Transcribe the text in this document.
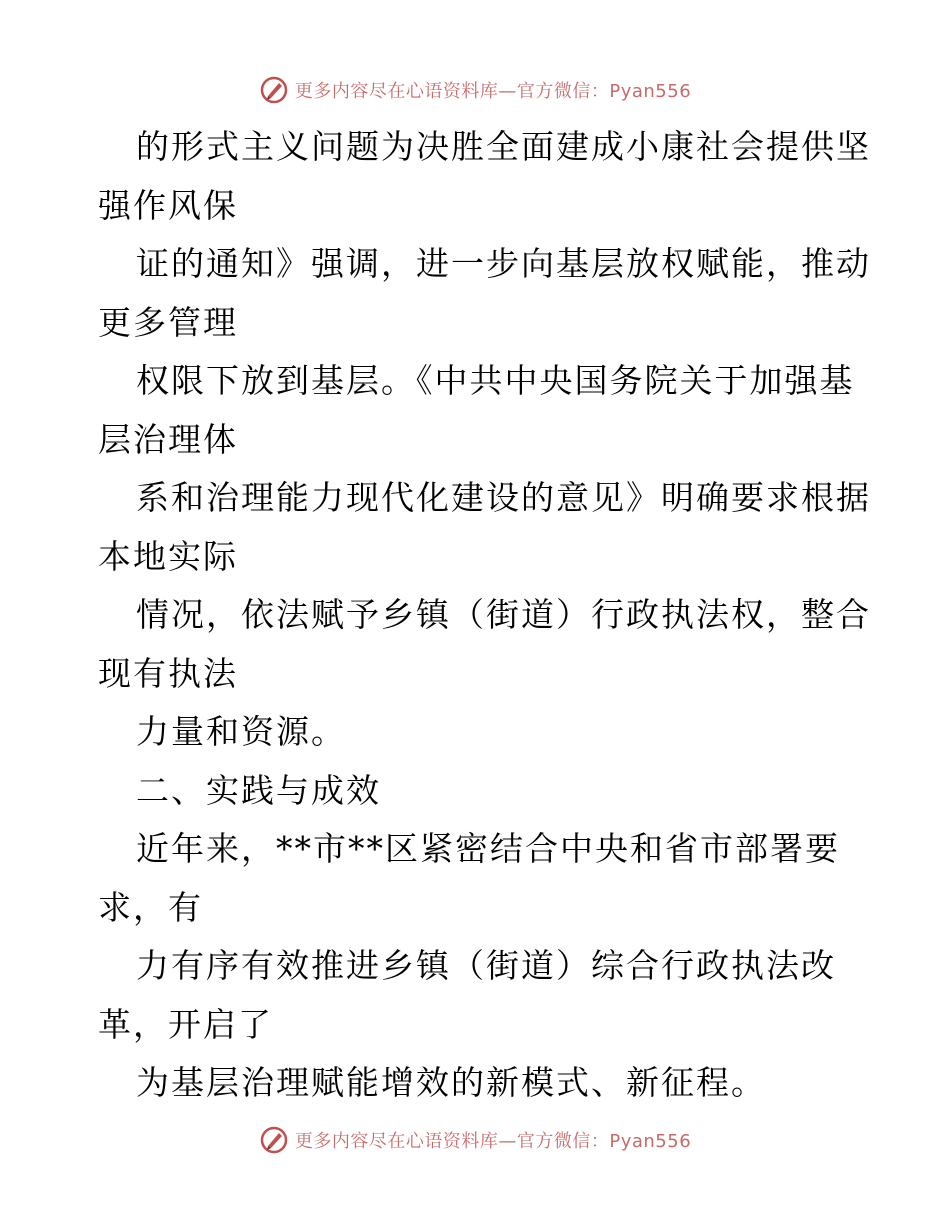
更多内容尽在心语资料库—官方微信：Pyan556
的形式主义问题为决胜全面建成小康社会提供坚
强作风保
证的通知》强调，进一步向基层放权赋能，推动
更多管理
权限下放到基层。《中共中央国务院关于加强基
层治理体
系和治理能力现代化建设的意见》明确要求根据
本地实际
情况，依法赋予乡镇（街道）行政执法权，整合
现有执法
力量和资源。
二、实践与成效
近年来，**市**区紧密结合中央和省市部署要
求，有
力有序有效推进乡镇（街道）综合行政执法改
革，开启了
为基层治理赋能增效的新模式、新征程。
更多内容尽在心语资料库—官方微信：Pyan556
